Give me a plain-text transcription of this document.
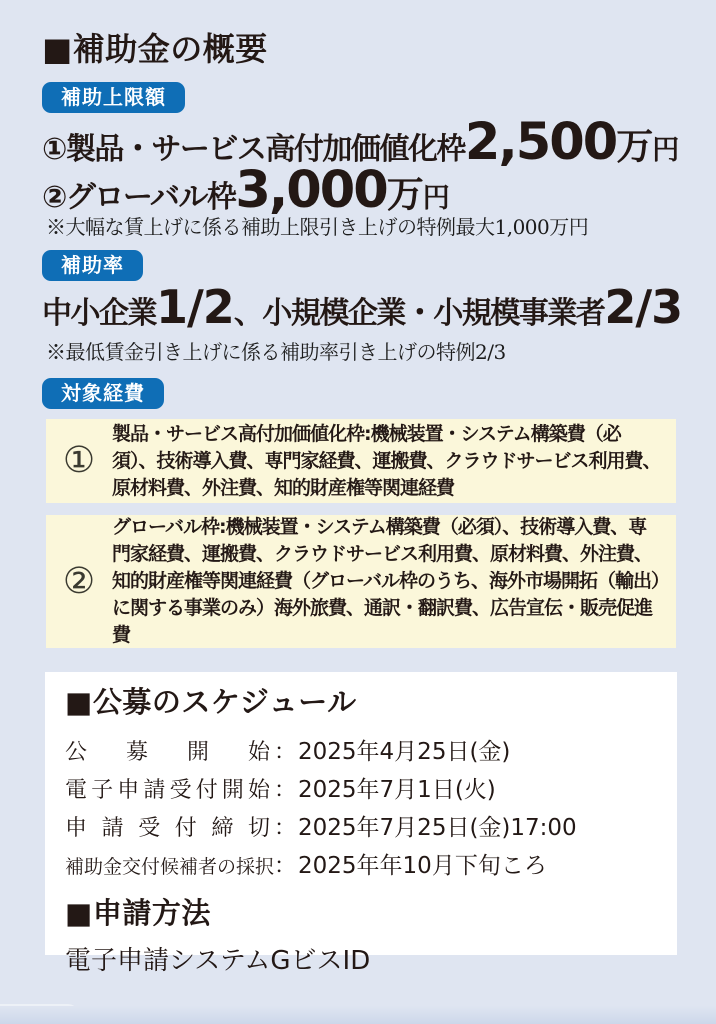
■補助金の概要
補助上限額
①製品・サービス高付加価値化枠 2,500 万 円
②グローバル枠 3,000 万 円
※大幅な賃上げに係る補助上限引き上げの特例最大1,000万円
補助率
中小企業 1/2 、小規模企業・小規模事業者 2/3
※最低賃金引き上げに係る補助率引き上げの特例2/3
対象経費
①
製品・サービス高付加価値化枠:機械装置・システム構築費（必須）、技術導入費、専門家経費、運搬費、クラウドサービス利用費、原材料費、外注費、知的財産権等関連経費
②
グローバル枠:機械装置・システム構築費（必須）、技術導入費、専門家経費、運搬費、クラウドサービス利用費、原材料費、外注費、知的財産権等関連経費（グローバル枠のうち、海外市場開拓（輸出）に関する事業のみ）海外旅費、通訳・翻訳費、広告宣伝・販売促進費
■公募のスケジュール
公募開始 ： 2025年4月25日(金)
電子申請受付開始 ： 2025年7月1日(火)
申請受付締切 ： 2025年7月25日(金)17:00
補助金交付候補者の採択 ： 2025年年10月下旬ころ
■申請方法
電子申請システムGビスID
